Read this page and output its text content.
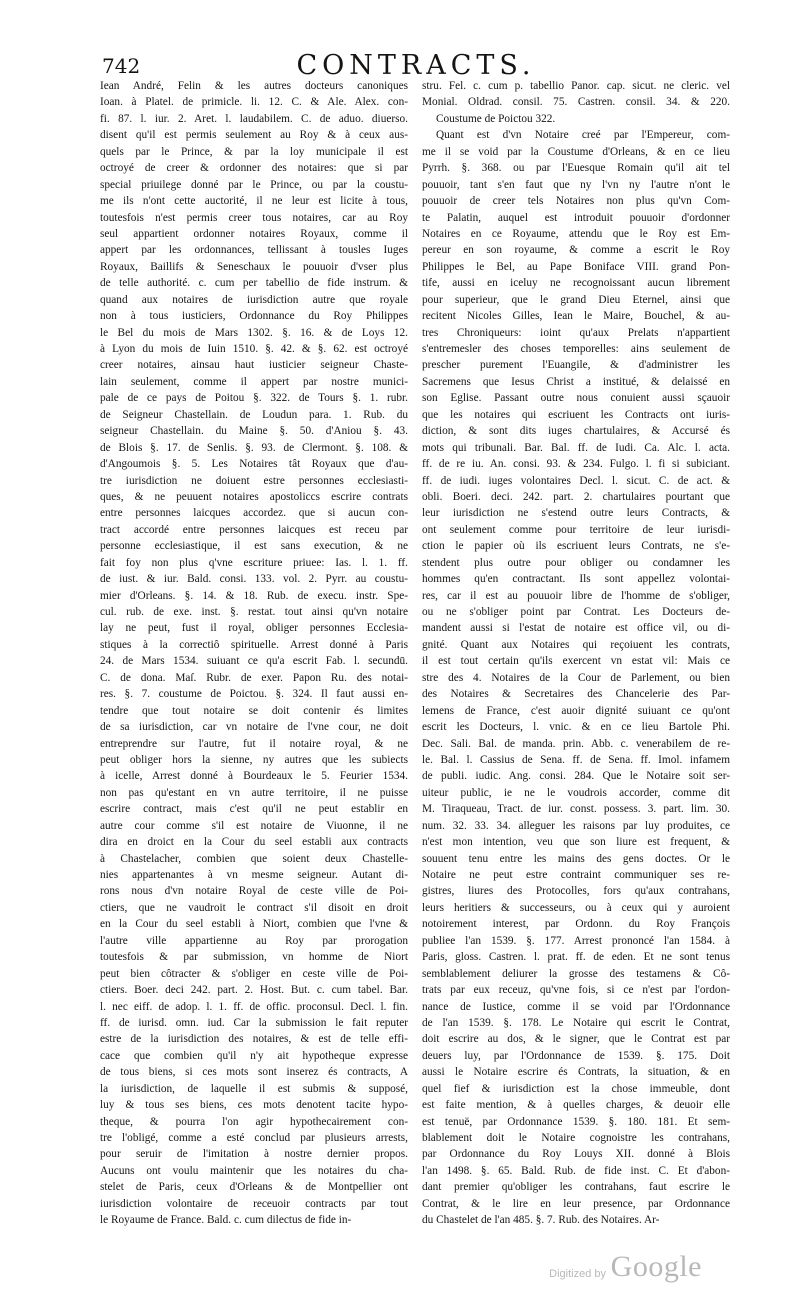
742	CONTRACTS.
Iean André, Felin & les autres docteurs canoniques
Ioan. à Platel. de primicle. li. 12. C. & Ale. Alex. con-
fi. 87. l. iur. 2. Aret. l. laudabilem. C. de aduo. diuerso.
disent qu'il est permis seulement au Roy & à ceux aus-
quels par le Prince, & par la loy municipale il est
octroyé de creer & ordonner des notaires: que si par
special priuilege donné par le Prince, ou par la coustu-
me ils n'ont cette auctorité, il ne leur est licite à tous,
toutesfois n'est permis creer tous notaires, car au Roy
seul appartient ordonner notaires Royaux, comme il
appert par les ordonnances, tellissant à tousles Iuges
Royaux, Baillifs & Seneschaux le pouuoir d'vser plus
de telle authorité. c. cum per tabellio de fide instrum. &
quand aux notaires de iurisdiction autre que royale
non à tous iusticiers, Ordonnance du Roy Philippes
le Bel du mois de Mars 1302. §. 16. & de Loys 12.
à Lyon du mois de Iuin 1510. §. 42. & §. 62. est octroyé
creer notaires, ainsau haut iusticier seigneur Chaste-
lain seulement, comme il appert par nostre munici-
pale de ce pays de Poitou §. 322. de Tours §. 1. rubr.
de Seigneur Chastellain. de Loudun para. 1. Rub. du
seigneur Chastellain. du Maine §. 50. d'Aniou §. 43.
de Blois §. 17. de Senlis. §. 93. de Clermont. §. 108. &
d'Angoumois §. 5. Les Notaires tât Royaux que d'au-
tre iurisdiction ne doiuent estre personnes ecclesiasti-
ques, & ne peuuent notaires apostoliccs escrire contrats
entre personnes laicques accordez. que si aucun con-
tract accordé entre personnes laicques est receu par
personne ecclesiastique, il est sans execution, & ne
fait foy non plus q'vne escriture priuee: Ias. l. 1. ff.
de iust. & iur. Bald. consi. 133. vol. 2. Pyrr. au coustu-
mier d'Orleans. §. 14. & 18. Rub. de execu. instr. Spe-
cul. rub. de exe. inst. §. restat. tout ainsi qu'vn notaire
lay ne peut, fust il royal, obliger personnes Ecclesia-
stiques à la correctiô spirituelle. Arrest donné à Paris
24. de Mars 1534. suiuant ce qu'a escrit Fab. l. secundū.
C. de dona. Maſ. Rubr. de exer. Papon Ru. des notai-
res. §. 7. coustume de Poictou. §. 324. Il faut aussi en-
tendre que tout notaire se doit contenir és limites
de sa iurisdiction, car vn notaire de l'vne cour, ne doit
entreprendre sur l'autre, fut il notaire royal, & ne
peut obliger hors la sienne, ny autres que les subiects
à icelle, Arrest donné à Bourdeaux le 5. Feurier 1534.
non pas qu'estant en vn autre territoire, il ne puisse
escrire contract, mais c'est qu'il ne peut establir en
autre cour comme s'il est notaire de Viuonne, il ne
dira en droict en la Cour du seel establi aux contracts
à Chastelacher, combien que soient deux Chastelle-
nies appartenantes à vn mesme seigneur. Autant di-
rons nous d'vn notaire Royal de ceste ville de Poi-
ctiers, que ne vaudroit le contract s'il disoit en droit
en la Cour du seel establi à Niort, combien que l'vne &
l'autre ville appartienne au Roy par prorogation
toutesfois & par submission, vn homme de Niort
peut bien côtracter & s'obliger en ceste ville de Poi-
ctiers. Boer. deci 242. part. 2. Host. But. c. cum tabel. Bar.
l. nec eiff. de adop. l. 1. ff. de offic. proconsul. Decl. l. fin.
ff. de iurisd. omn. iud. Car la submission le fait reputer
estre de la iurisdiction des notaires, & est de telle effi-
cace que combien qu'il n'y ait hypotheque expresse
de tous biens, si ces mots sont inserez és contracts, A
la iurisdiction, de laquelle il est submis & supposé,
luy & tous ses biens, ces mots denotent tacite hypo-
theque, & pourra l'on agir hypothecairement con-
tre l'obligé, comme a esté conclud par plusieurs arrests,
pour seruir de l'imitation à nostre dernier propos.
Aucuns ont voulu maintenir que les notaires du cha-
stelet de Paris, ceux d'Orleans & de Montpellier ont
iurisdiction volontaire de receuoir contracts par tout
le Royaume de France. Bald. c. cum dilectus de fide in-
stru. Fel. c. cum p. tabellio Panor. cap. sicut. ne cleric. vel
Monial. Oldrad. consil. 75. Castren. consil. 34. & 220.
Coustume de Poictou 322.
Quant est d'vn Notaire creé par l'Empereur, com-
me il se void par la Coustume d'Orleans, & en ce lieu
Pyrrh. §. 368. ou par l'Euesque Romain qu'il ait tel
pouuoir, tant s'en faut que ny l'vn ny l'autre n'ont le
pouuoir de creer tels Notaires non plus qu'vn Com-
te Palatin, auquel est introduit pouuoir d'ordonner
Notaires en ce Royaume, attendu que le Roy est Em-
pereur en son royaume, & comme a escrit le Roy
Philippes le Bel, au Pape Boniface VIII. grand Pon-
tife, aussi en iceluy ne recognoissant aucun librement
pour superieur, que le grand Dieu Eternel, ainsi que
recitent Nicoles Gilles, Iean le Maire, Bouchel, & au-
tres Chroniqueurs: ioint qu'aux Prelats n'appartient
s'entremesler des choses temporelles: ains seulement de
prescher purement l'Euangile, & d'administrer les
Sacremens que Iesus Christ a institué, & delaissé en
son Eglise. Passant outre nous conuient aussi sçauoir
que les notaires qui escriuent les Contracts ont iuris-
diction, & sont dits iuges chartulaires, & Accursé és
mots qui tribunali. Bar. Bal. ff. de Iudi. Ca. Alc. l. acta.
ff. de re iu. An. consi. 93. & 234. Fulgo. l. fi si subiciant.
ff. de iudi. iuges volontaires Decl. l. sicut. C. de act. &
obli. Boeri. deci. 242. part. 2. chartulaires pourtant que
leur iurisdiction ne s'estend outre leurs Contracts, &
ont seulement comme pour territoire de leur iurisdi-
ction le papier où ils escriuent leurs Contrats, ne s'e-
stendent plus outre pour obliger ou condamner les
hommes qu'en contractant. Ils sont appellez volontai-
res, car il est au pouuoir libre de l'homme de s'obliger,
ou ne s'obliger point par Contrat. Les Docteurs de-
mandent aussi si l'estat de notaire est office vil, ou di-
gnité. Quant aux Notaires qui reçoiuent les contrats,
il est tout certain qu'ils exercent vn estat vil: Mais ce
stre des 4. Notaires de la Cour de Parlement, ou bien
des Notaires & Secretaires des Chancelerie des Par-
lemens de France, c'est auoir dignité suiuant ce qu'ont
escrit les Docteurs, l. vnic. & en ce lieu Bartole Phi.
Dec. Sali. Bal. de manda. prin. Abb. c. venerabilem de re-
le. Bal. l. Cassius de Sena. ff. de Sena. ff. Imol. infamem
de publi. iudic. Ang. consi. 284. Que le Notaire soit ser-
uiteur public, ie ne le voudrois accorder, comme dit
M. Tiraqueau, Tract. de iur. const. possess. 3. part. lim. 30.
num. 32. 33. 34. alleguer les raisons par luy produites, ce
n'est mon intention, veu que son liure est frequent, &
souuent tenu entre les mains des gens doctes. Or le
Notaire ne peut estre contraint communiquer ses re-
gistres, liures des Protocolles, fors qu'aux contrahans,
leurs heritiers & successeurs, ou à ceux qui y auroient
notoirement interest, par Ordonn. du Roy François
publiee l'an 1539. §. 177. Arrest prononcé l'an 1584. à
Paris, gloss. Castren. l. prat. ff. de eden. Et ne sont tenus
semblablement deliurer la grosse des testamens & Cô-
trats par eux receuz, qu'vne fois, si ce n'est par l'ordon-
nance de Iustice, comme il se void par l'Ordonnance
de l'an 1539. §. 178. Le Notaire qui escrit le Contrat,
doit escrire au dos, & le signer, que le Contrat est par
deuers luy, par l'Ordonnance de 1539. §. 175. Doit
aussi le Notaire escrire és Contrats, la situation, & en
quel fief & iurisdiction est la chose immeuble, dont
est faite mention, & à quelles charges, & deuoir elle
est tenuë, par Ordonnance 1539. §. 180. 181. Et sem-
blablement doit le Notaire cognoistre les contrahans,
par Ordonnance du Roy Louys XII. donné à Blois
l'an 1498. §. 65. Bald. Rub. de fide inst. C. Et d'abon-
dant premier qu'obliger les contrahans, faut escrire le
Contrat, & le lire en leur presence, par Ordonnance
du Chastelet de l'an 485. §. 7. Rub. des Notaires. Ar-
Digitized by Google
